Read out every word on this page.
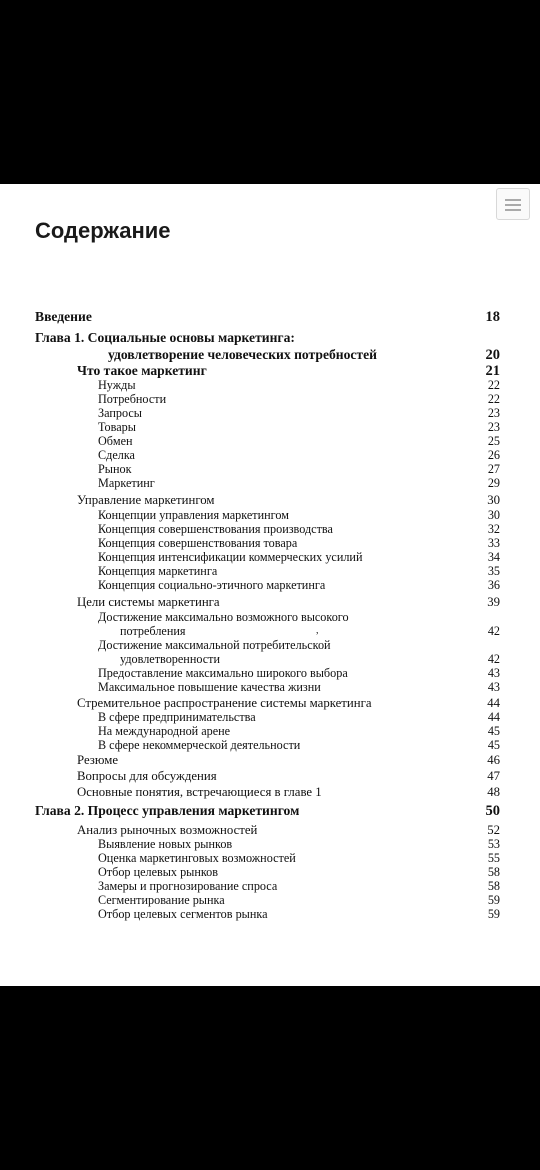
Содержание
Введение	18
Глава 1. Социальные основы маркетинга:
удовлетворение человеческих потребностей	20
Что такое маркетинг	21
Нужды	22
Потребности	22
Запросы	23
Товары	23
Обмен	25
Сделка	26
Рынок	27
Маркетинг	29
Управление маркетингом	30
Концепции управления маркетингом	30
Концепция совершенствования производства	32
Концепция совершенствования товара	33
Концепция интенсификации коммерческих усилий	34
Концепция маркетинга	35
Концепция социально-этичного маркетинга	36
Цели системы маркетинга	39
Достижение максимально возможного высокого
потребления	42
Достижение максимальной потребительской
удовлетворенности	42
Предоставление максимально широкого выбора	43
Максимальное повышение качества жизни	43
Стремительное распространение системы маркетинга	44
В сфере предпринимательства	44
На международной арене	45
В сфере некоммерческой деятельности	45
Резюме	46
Вопросы для обсуждения	47
Основные понятия, встречающиеся в главе 1	48
Глава 2. Процесс управления маркетингом	50
Анализ рыночных возможностей	52
Выявление новых рынков	53
Оценка маркетинговых возможностей	55
Отбор целевых рынков	58
Замеры и прогнозирование спроса	58
Сегментирование рынка	59
Отбор целевых сегментов рынка	59
,
